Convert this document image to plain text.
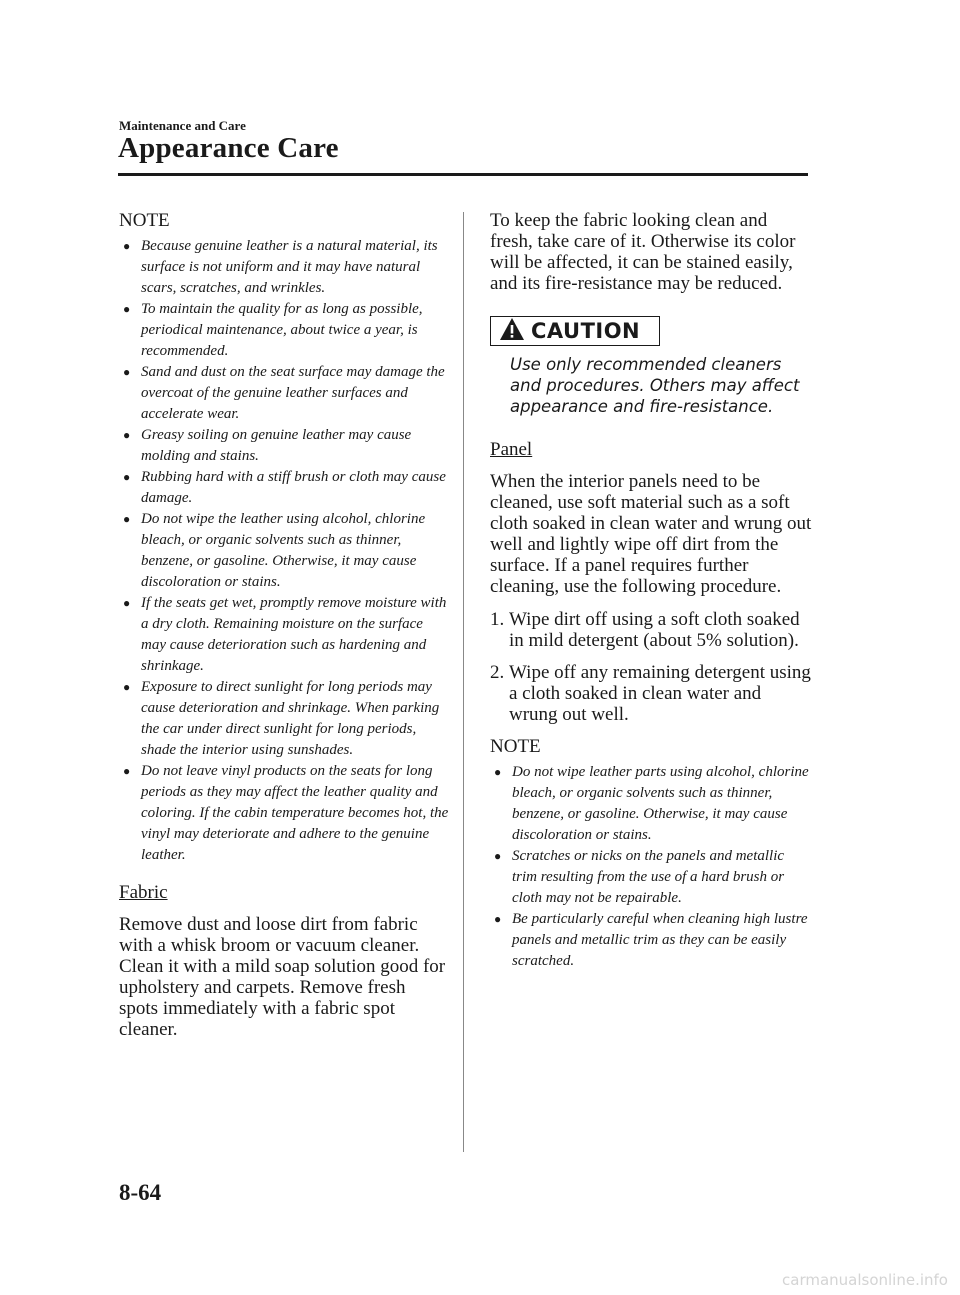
Maintenance and Care
Appearance Care
NOTE
● Because genuine leather is a natural material, its surface is not uniform and it may have natural scars, scratches, and wrinkles.
● To maintain the quality for as long as possible, periodical maintenance, about twice a year, is recommended.
● Sand and dust on the seat surface may damage the overcoat of the genuine leather surfaces and accelerate wear.
● Greasy soiling on genuine leather may cause molding and stains.
● Rubbing hard with a stiff brush or cloth may cause damage.
● Do not wipe the leather using alcohol, chlorine bleach, or organic solvents such as thinner, benzene, or gasoline. Otherwise, it may cause discoloration or stains.
● If the seats get wet, promptly remove moisture with a dry cloth. Remaining moisture on the surface may cause deterioration such as hardening and shrinkage.
● Exposure to direct sunlight for long periods may cause deterioration and shrinkage. When parking the car under direct sunlight for long periods, shade the interior using sunshades.
● Do not leave vinyl products on the seats for long periods as they may affect the leather quality and coloring. If the cabin temperature becomes hot, the vinyl may deteriorate and adhere to the genuine leather.
Fabric

Remove dust and loose dirt from fabric with a whisk broom or vacuum cleaner. Clean it with a mild soap solution good for upholstery and carpets. Remove fresh spots immediately with a fabric spot cleaner.

To keep the fabric looking clean and fresh, take care of it. Otherwise its color will be affected, it can be stained easily, and its fire-resistance may be reduced.

CAUTION

Use only recommended cleaners and procedures. Others may affect appearance and fire-resistance.

Panel

When the interior panels need to be cleaned, use soft material such as a soft cloth soaked in clean water and wrung out well and lightly wipe off dirt from the surface. If a panel requires further cleaning, use the following procedure.

1. Wipe dirt off using a soft cloth soaked in mild detergent (about 5% solution).
2. Wipe off any remaining detergent using a cloth soaked in clean water and wrung out well.
NOTE
● Do not wipe leather parts using alcohol, chlorine bleach, or organic solvents such as thinner, benzene, or gasoline. Otherwise, it may cause discoloration or stains.
● Scratches or nicks on the panels and metallic trim resulting from the use of a hard brush or cloth may not be repairable.
● Be particularly careful when cleaning high lustre panels and metallic trim as they can be easily scratched.
8-64
carmanualsonline.info
